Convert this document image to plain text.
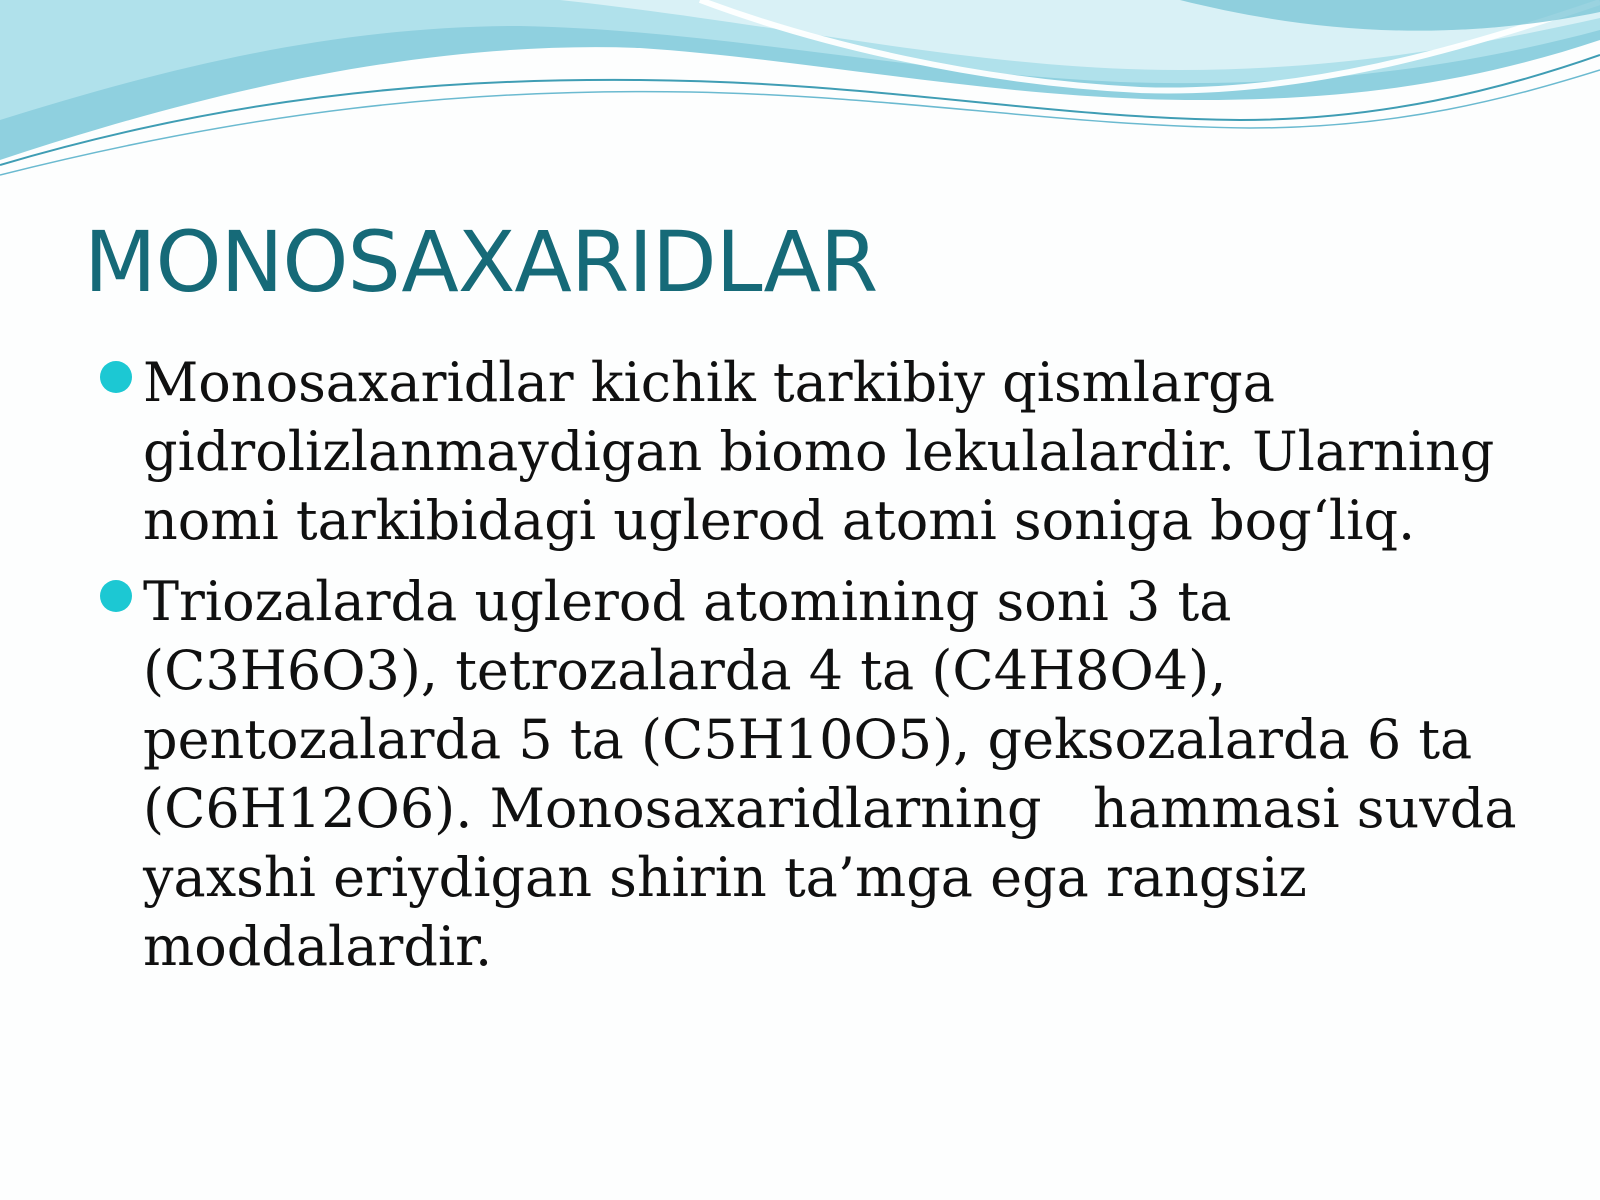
MONOSAXARIDLAR
Monosaxaridlar kichik tarkibiy qismlarga gidrolizlanmaydigan biomo lekulalardir. Ularning nomi tarkibidagi uglerod atomi soniga bog‘liq.
Triozalarda uglerod atomining soni 3 ta (C3H6O3), tetrozalarda 4 ta (C4H8O4), pentozalarda 5 ta (C5H10O5), geksozalarda 6 ta (C6H12O6). Monosaxaridlarning   hammasi suvda yaxshi eriydigan shirin ta’mga ega rangsiz moddalardir.
